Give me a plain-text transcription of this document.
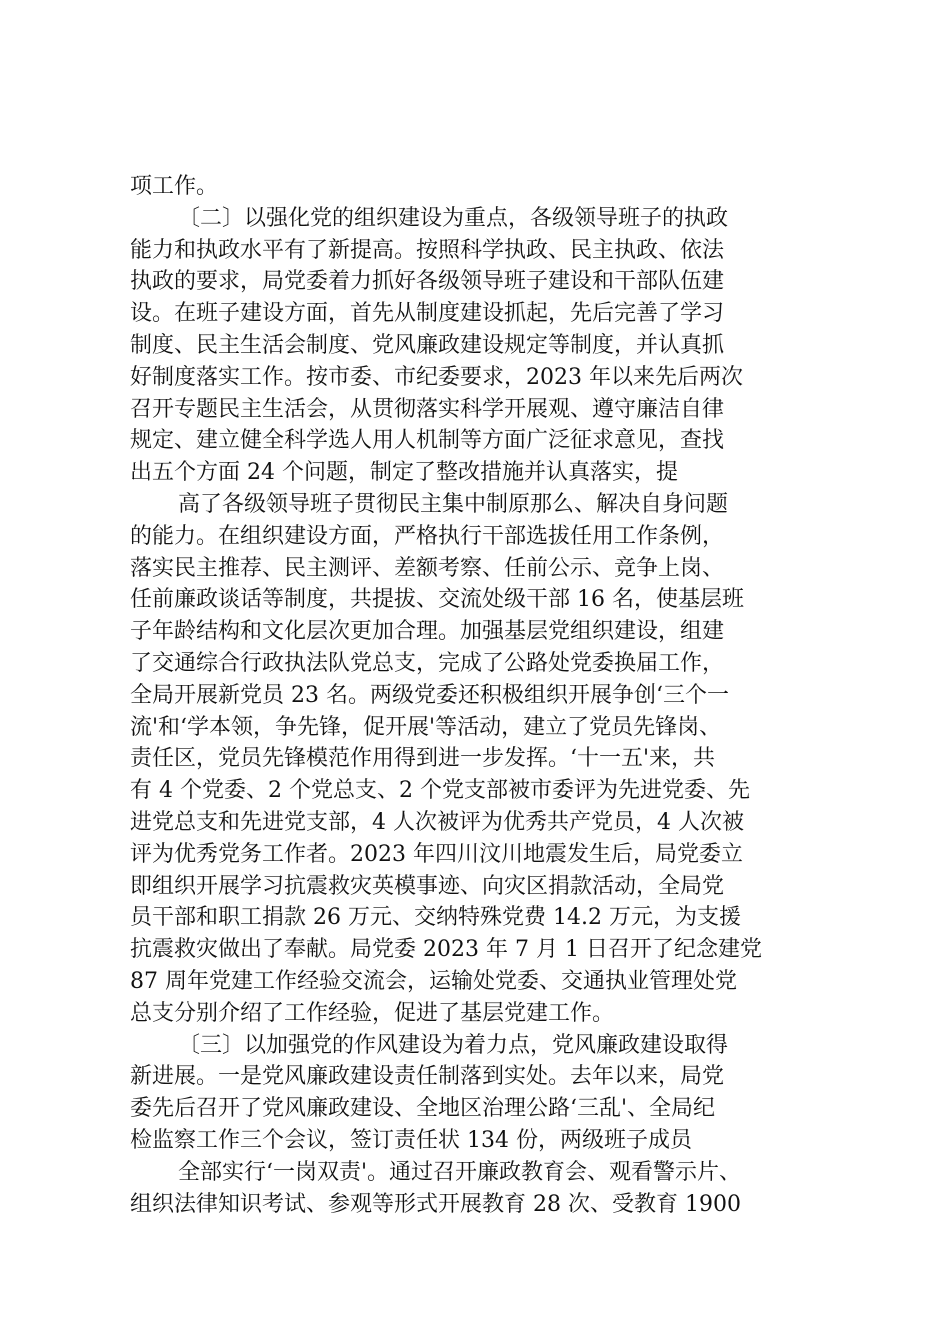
项工作。
〔二〕以强化党的组织建设为重点，各级领导班子的执政
能力和执政水平有了新提高。按照科学执政、民主执政、依法
执政的要求，局党委着力抓好各级领导班子建设和干部队伍建
设。在班子建设方面，首先从制度建设抓起，先后完善了学习
制度、民主生活会制度、党风廉政建设规定等制度，并认真抓
好制度落实工作。按市委、市纪委要求，2023 年以来先后两次
召开专题民主生活会，从贯彻落实科学开展观、遵守廉洁自律
规定、建立健全科学选人用人机制等方面广泛征求意见，查找
出五个方面 24 个问题，制定了整改措施并认真落实，提
高了各级领导班子贯彻民主集中制原那么、解决自身问题
的能力。在组织建设方面，严格执行干部选拔任用工作条例，
落实民主推荐、民主测评、差额考察、任前公示、竞争上岗、
任前廉政谈话等制度，共提拔、交流处级干部 16 名，使基层班
子年龄结构和文化层次更加合理。加强基层党组织建设，组建
了交通综合行政执法队党总支，完成了公路处党委换届工作，
全局开展新党员 23 名。两级党委还积极组织开展争创‘三个一
流'和‘学本领，争先锋，促开展'等活动，建立了党员先锋岗、
责任区，党员先锋模范作用得到进一步发挥。‘十一五'来，共
有 4 个党委、2 个党总支、2 个党支部被市委评为先进党委、先
进党总支和先进党支部，4 人次被评为优秀共产党员，4 人次被
评为优秀党务工作者。2023 年四川汶川地震发生后，局党委立
即组织开展学习抗震救灾英模事迹、向灾区捐款活动，全局党
员干部和职工捐款 26 万元、交纳特殊党费 14.2 万元，为支援
抗震救灾做出了奉献。局党委 2023 年 7 月 1 日召开了纪念建党
87 周年党建工作经验交流会，运输处党委、交通执业管理处党
总支分别介绍了工作经验，促进了基层党建工作。
〔三〕以加强党的作风建设为着力点，党风廉政建设取得
新进展。一是党风廉政建设责任制落到实处。去年以来，局党
委先后召开了党风廉政建设、全地区治理公路‘三乱'、全局纪
检监察工作三个会议，签订责任状 134 份，两级班子成员
全部实行‘一岗双责'。通过召开廉政教育会、观看警示片、
组织法律知识考试、参观等形式开展教育 28 次、受教育 1900
